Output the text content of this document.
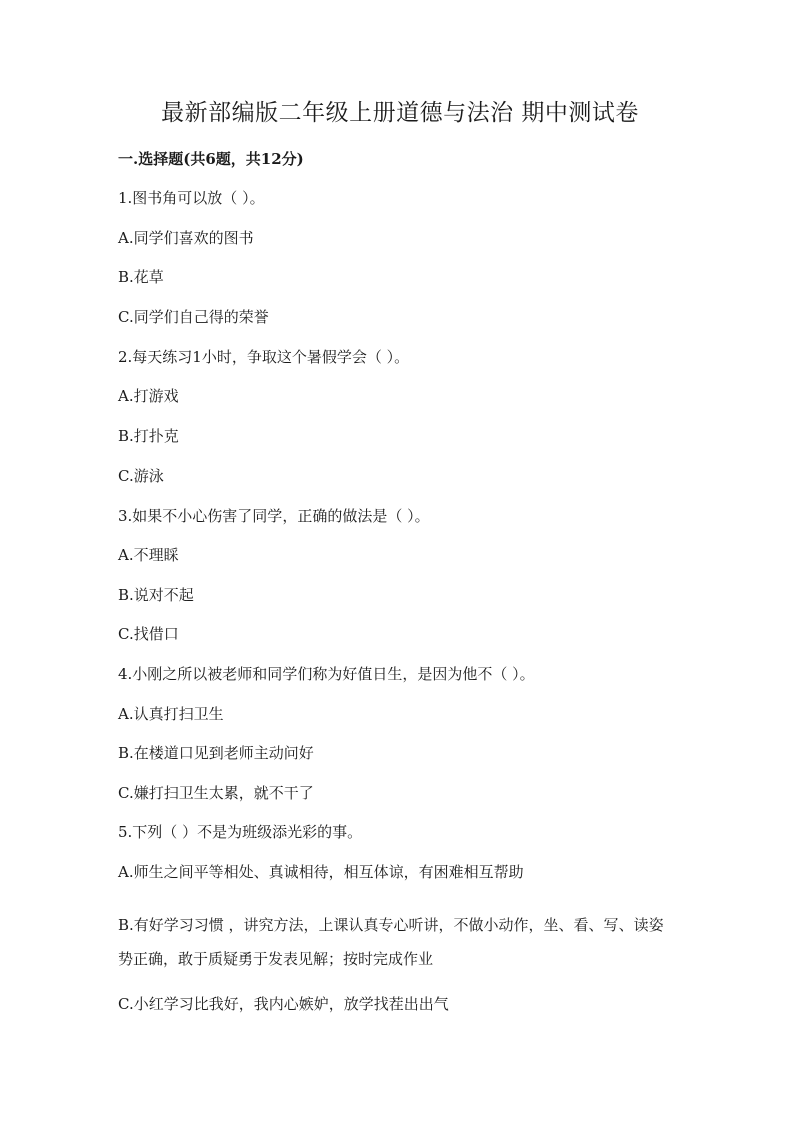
最新部编版二年级上册道德与法治 期中测试卷
一.选择题(共6题，共12分)
1.图书角可以放（ ）。
A.同学们喜欢的图书
B.花草
C.同学们自己得的荣誉
2.每天练习1小时，争取这个暑假学会（ ）。
A.打游戏
B.打扑克
C.游泳
3.如果不小心伤害了同学，正确的做法是（ ）。
A.不理睬
B.说对不起
C.找借口
4.小刚之所以被老师和同学们称为好值日生，是因为他不（ ）。
A.认真打扫卫生
B.在楼道口见到老师主动问好
C.嫌打扫卫生太累，就不干了
5.下列（ ）不是为班级添光彩的事。
A.师生之间平等相处、真诚相待，相互体谅，有困难相互帮助
B.有好学习习惯 ，讲究方法，上课认真专心听讲，不做小动作，坐、看、写、读姿势正确，敢于质疑勇于发表见解；按时完成作业
C.小红学习比我好，我内心嫉妒，放学找茬出出气
